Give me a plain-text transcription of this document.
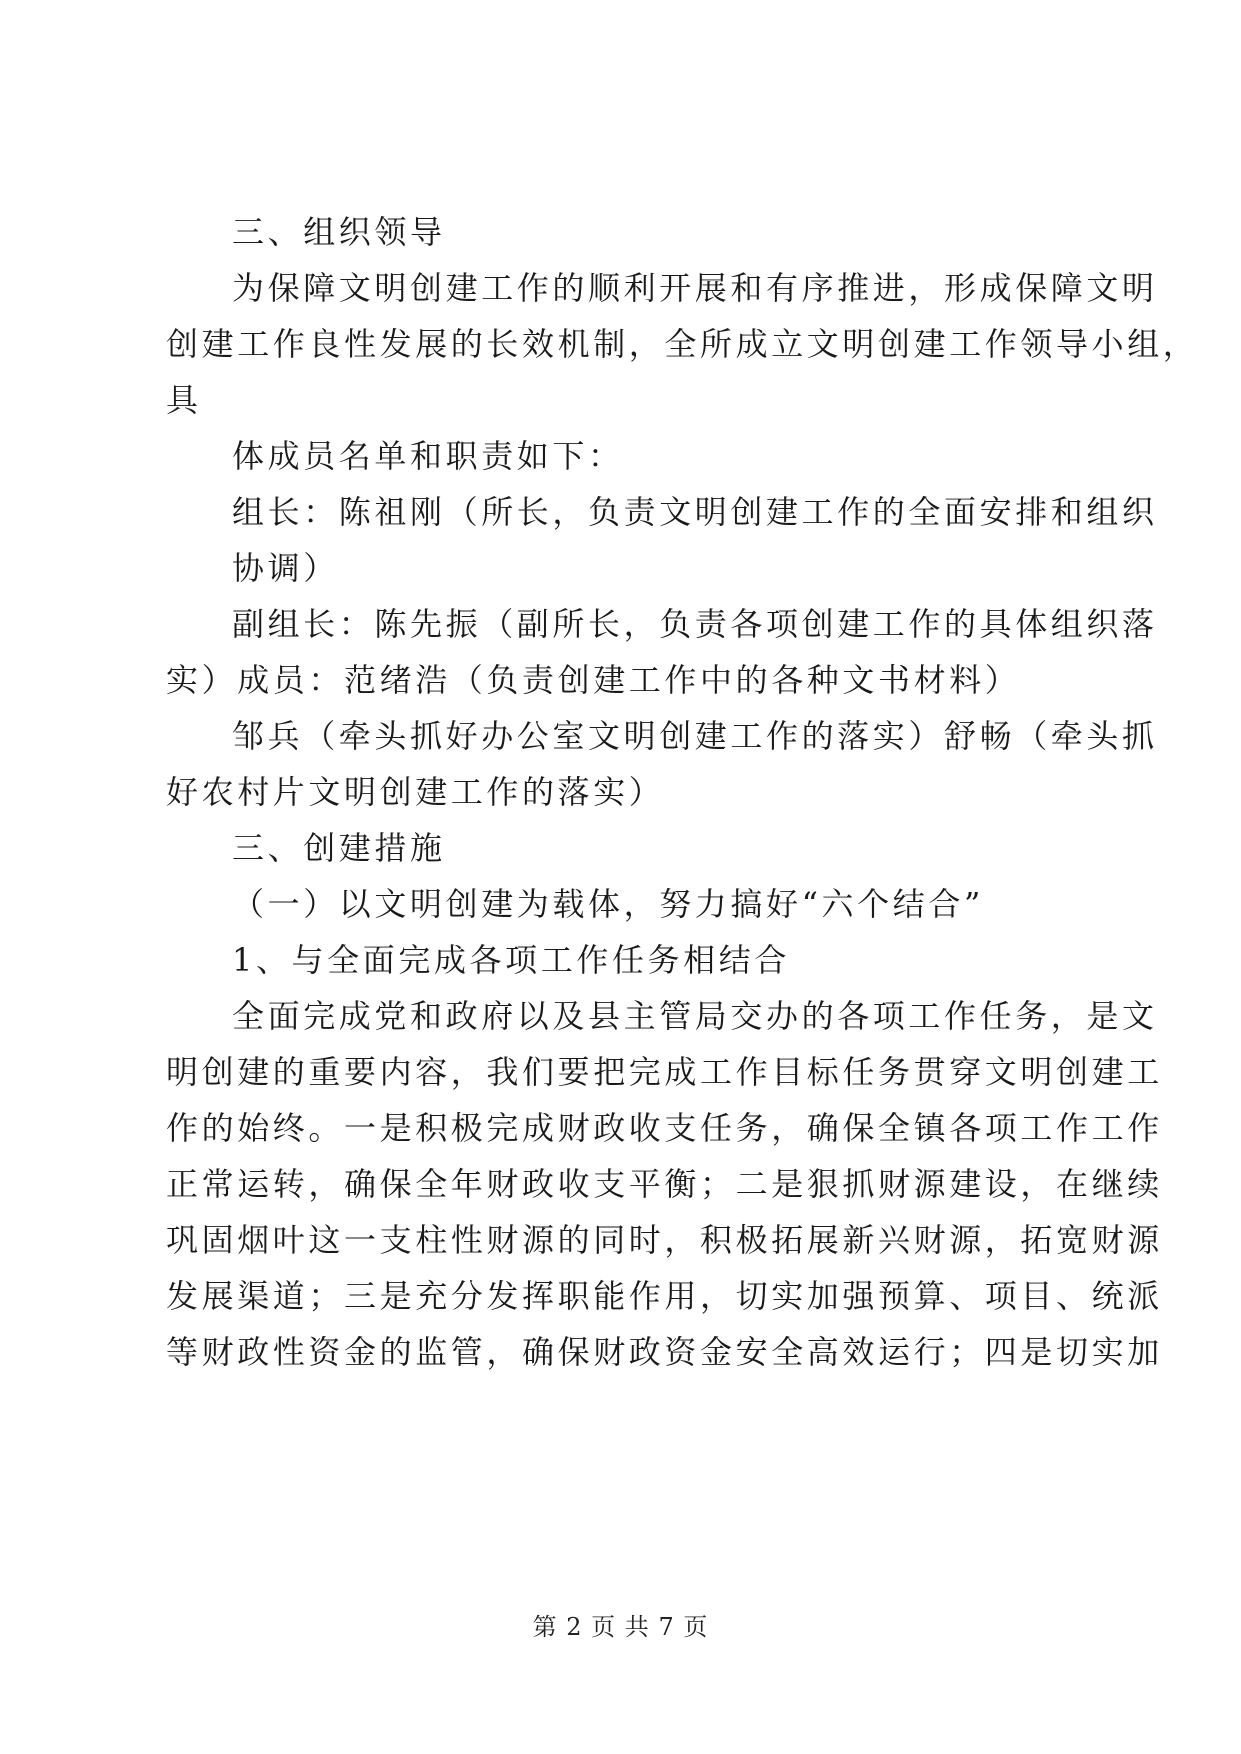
三、组织领导
为保障文明创建工作的顺利开展和有序推进，形成保障文明
创建工作良性发展的长效机制，全所成立文明创建工作领导小组，
具
体成员名单和职责如下：
组长：陈祖刚（所长，负责文明创建工作的全面安排和组织
协调）
副组长：陈先振（副所长，负责各项创建工作的具体组织落
实）成员：范绪浩（负责创建工作中的各种文书材料）
邹兵（牵头抓好办公室文明创建工作的落实）舒畅（牵头抓
好农村片文明创建工作的落实）
三、创建措施
（一）以文明创建为载体，努力搞好“六个结合”
1、与全面完成各项工作任务相结合
全面完成党和政府以及县主管局交办的各项工作任务，是文
明创建的重要内容，我们要把完成工作目标任务贯穿文明创建工
作的始终。一是积极完成财政收支任务，确保全镇各项工作工作
正常运转，确保全年财政收支平衡；二是狠抓财源建设，在继续
巩固烟叶这一支柱性财源的同时，积极拓展新兴财源，拓宽财源
发展渠道；三是充分发挥职能作用，切实加强预算、项目、统派
等财政性资金的监管，确保财政资金安全高效运行；四是切实加
第 2 页 共 7 页
